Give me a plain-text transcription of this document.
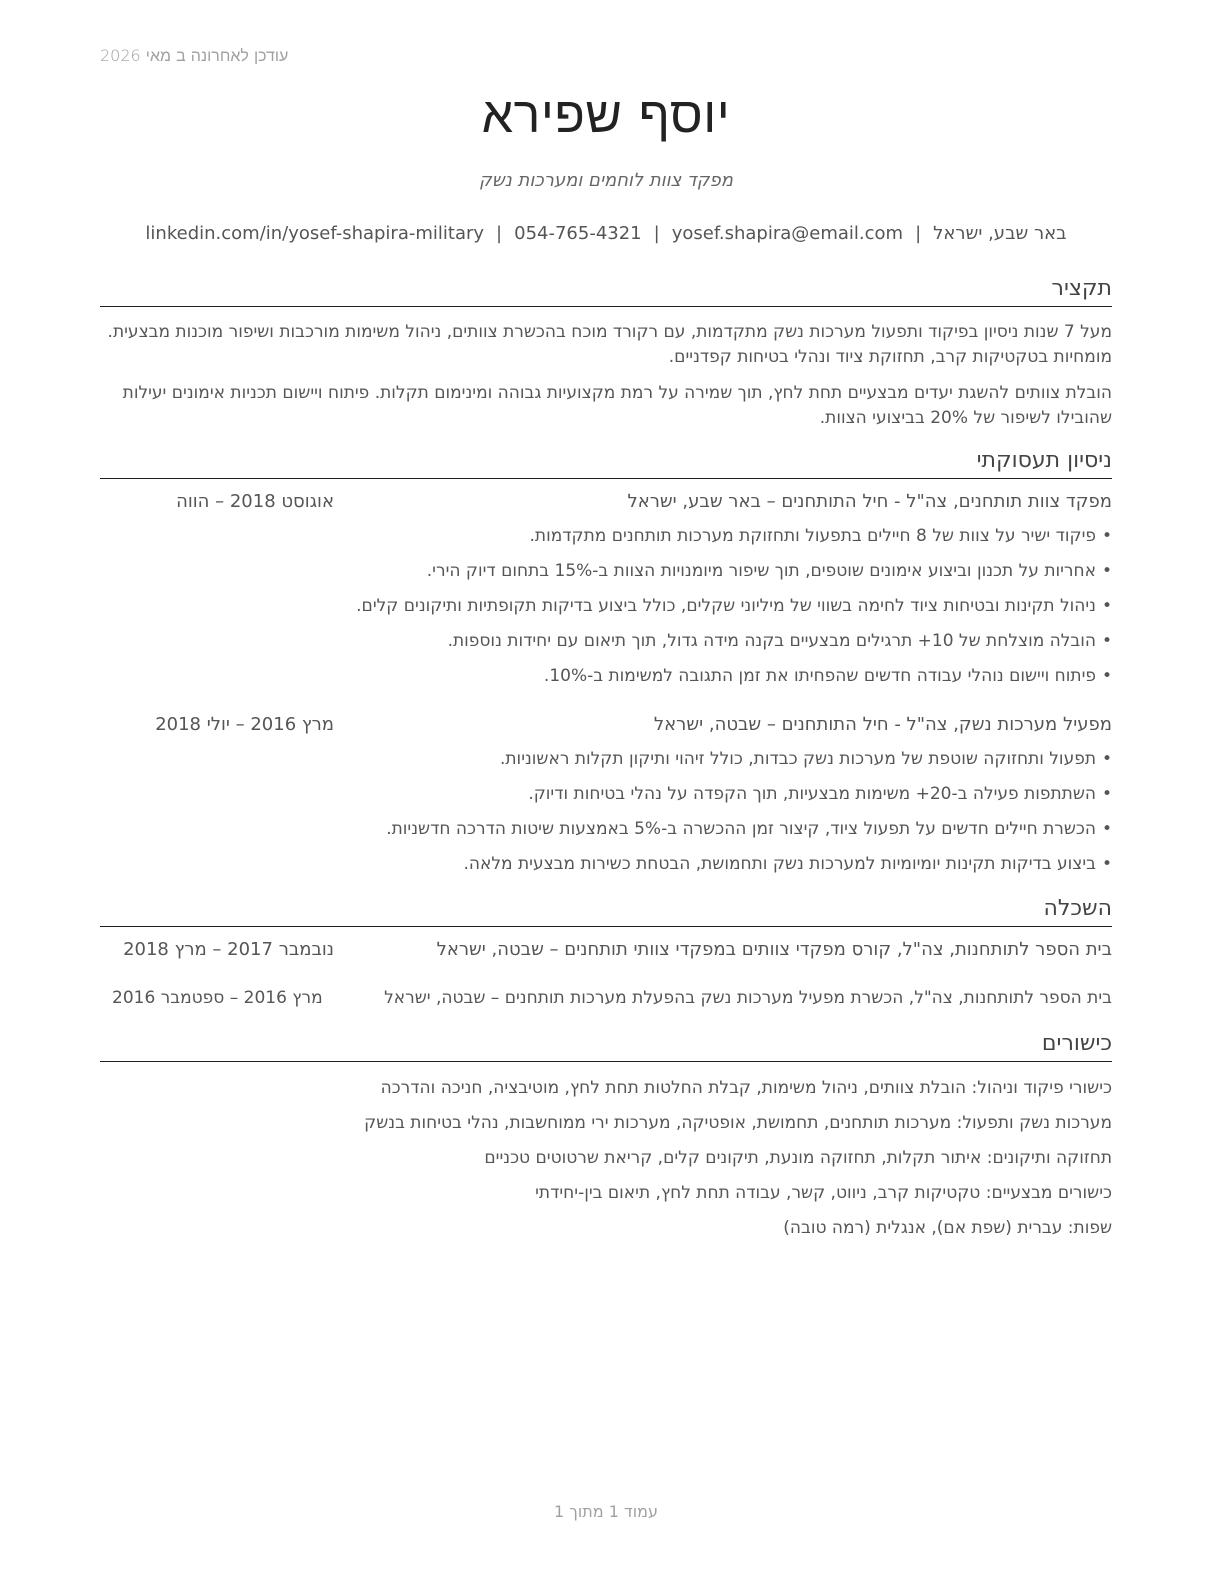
עודכן לאחרונה ב מאי 2026
יוסף שפירא
מפקד צוות לוחמים ומערכות נשק
באר שבע, ישראל|yosef.shapira@email.com|054-765-4321|linkedin.com/in/yosef-shapira-military
תקציר
מעל 7 שנות ניסיון בפיקוד ותפעול מערכות נשק מתקדמות, עם רקורד מוכח בהכשרת צוותים, ניהול משימות מורכבות ושיפור מוכנות מבצעית. מומחיות בטקטיקות קרב, תחזוקת ציוד ונהלי בטיחות קפדניים.
הובלת צוותים להשגת יעדים מבצעיים תחת לחץ, תוך שמירה על רמת מקצועיות גבוהה ומינימום תקלות. פיתוח ויישום תכניות אימונים יעילות שהובילו לשיפור של 20% בביצועי הצוות.
ניסיון תעסוקתי
מפקד צוות תותחנים, צה"ל - חיל התותחנים – באר שבע, ישראל
אוגוסט 2018 – הווה
•
פיקוד ישיר על צוות של 8 חיילים בתפעול ותחזוקת מערכות תותחנים מתקדמות.
•
אחריות על תכנון וביצוע אימונים שוטפים, תוך שיפור מיומנויות הצוות ב-15% בתחום דיוק הירי.
•
ניהול תקינות ובטיחות ציוד לחימה בשווי של מיליוני שקלים, כולל ביצוע בדיקות תקופתיות ותיקונים קלים.
•
הובלה מוצלחת של 10+ תרגילים מבצעיים בקנה מידה גדול, תוך תיאום עם יחידות נוספות.
•
פיתוח ויישום נוהלי עבודה חדשים שהפחיתו את זמן התגובה למשימות ב-10%.
מפעיל מערכות נשק, צה"ל - חיל התותחנים – שבטה, ישראל
מרץ 2016 – יולי 2018
•
תפעול ותחזוקה שוטפת של מערכות נשק כבדות, כולל זיהוי ותיקון תקלות ראשוניות.
•
השתתפות פעילה ב-20+ משימות מבצעיות, תוך הקפדה על נהלי בטיחות ודיוק.
•
הכשרת חיילים חדשים על תפעול ציוד, קיצור זמן ההכשרה ב-5% באמצעות שיטות הדרכה חדשניות.
•
ביצוע בדיקות תקינות יומיומיות למערכות נשק ותחמושת, הבטחת כשירות מבצעית מלאה.
השכלה
בית הספר לתותחנות, צה"ל, קורס מפקדי צוותים במפקדי צוותי תותחנים – שבטה, ישראל
נובמבר 2017 – מרץ 2018
בית הספר לתותחנות, צה"ל, הכשרת מפעיל מערכות נשק בהפעלת מערכות תותחנים – שבטה, ישראל
מרץ 2016 – ספטמבר 2016
כישורים
כישורי פיקוד וניהול: הובלת צוותים, ניהול משימות, קבלת החלטות תחת לחץ, מוטיבציה, חניכה והדרכה
מערכות נשק ותפעול: מערכות תותחנים, תחמושת, אופטיקה, מערכות ירי ממוחשבות, נהלי בטיחות בנשק
תחזוקה ותיקונים: איתור תקלות, תחזוקה מונעת, תיקונים קלים, קריאת שרטוטים טכניים
כישורים מבצעיים: טקטיקות קרב, ניווט, קשר, עבודה תחת לחץ, תיאום בין-יחידתי
שפות: עברית (שפת אם), אנגלית (רמה טובה)
עמוד 1 מתוך 1
